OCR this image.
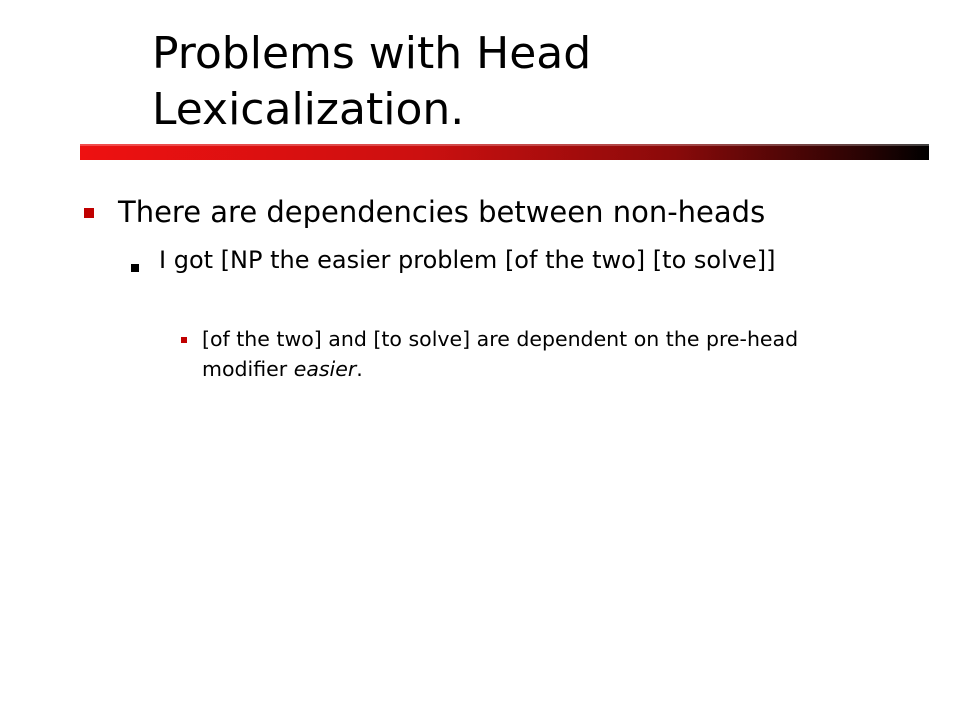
Problems with Head
Lexicalization.

There are dependencies between non-heads

I got [NP the easier problem [of the two] [to solve]]

[of the two] and [to solve] are dependent on the pre-head modifier easier.
